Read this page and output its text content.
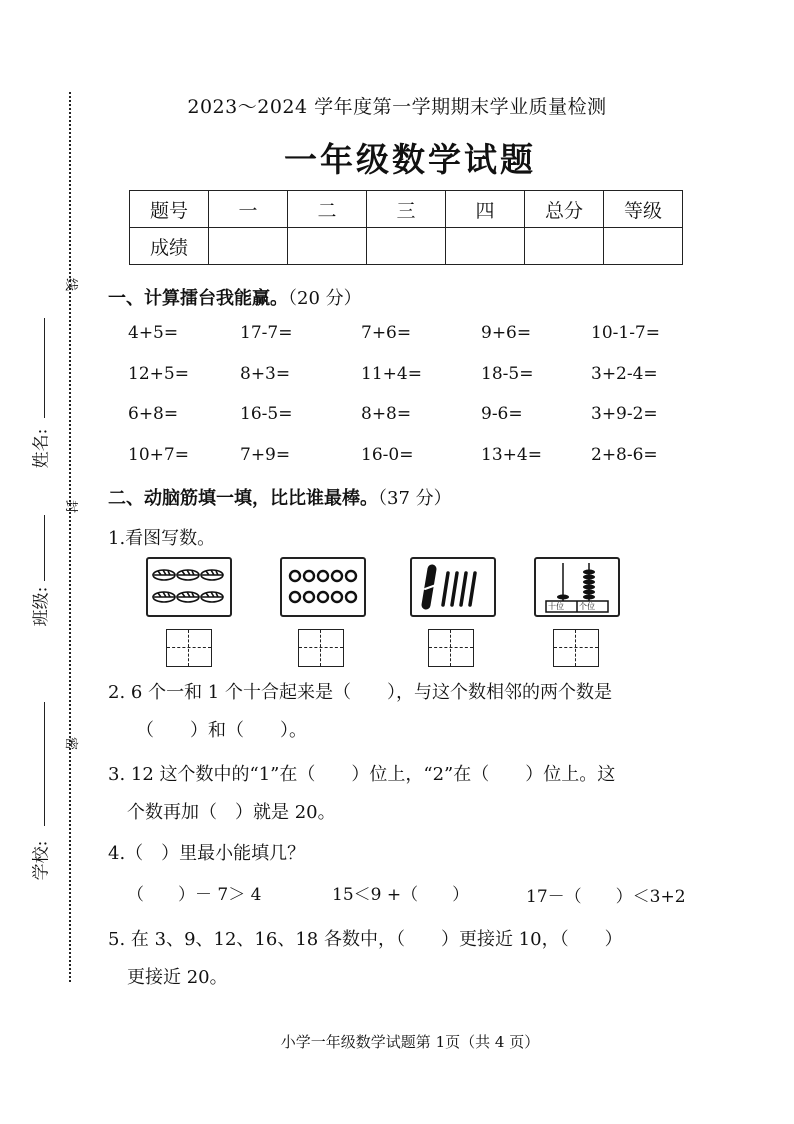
线
封
密
姓名:
班级:
学校:
2023～2024 学年度第一学期期末学业质量检测
一年级数学试题
题号	一	二	三	四	总分	等级
成绩						
一、计算擂台我能赢。（20 分）
4+5=	17-7=	7+6=	9+6=	10-1-7=
12+5=	8+3=	11+4=	18-5=	3+2-4=
6+8=	16-5=	8+8=	9-6=	3+9-2=
10+7=	7+9=	16-0=	13+4=	2+8-6=
二、动脑筋填一填，比比谁最棒。（37 分）
1.看图写数。
十位 个位
2. 6 个一和 1 个十合起来是（　　），与这个数相邻的两个数是
（　　）和（　　）。
3. 12 这个数中的“1”在（　　）位上，“2”在（　　）位上。这
个数再加（　）就是 20。
4.（　）里最小能填几？
（　　）－ 7＞ 4	15＜9 +（　　）	17－（　　）＜3+2
5. 在 3、9、12、16、18 各数中，（　　）更接近 10，（　　）
更接近 20。
小学一年级数学试题第 1页（共 4 页）
